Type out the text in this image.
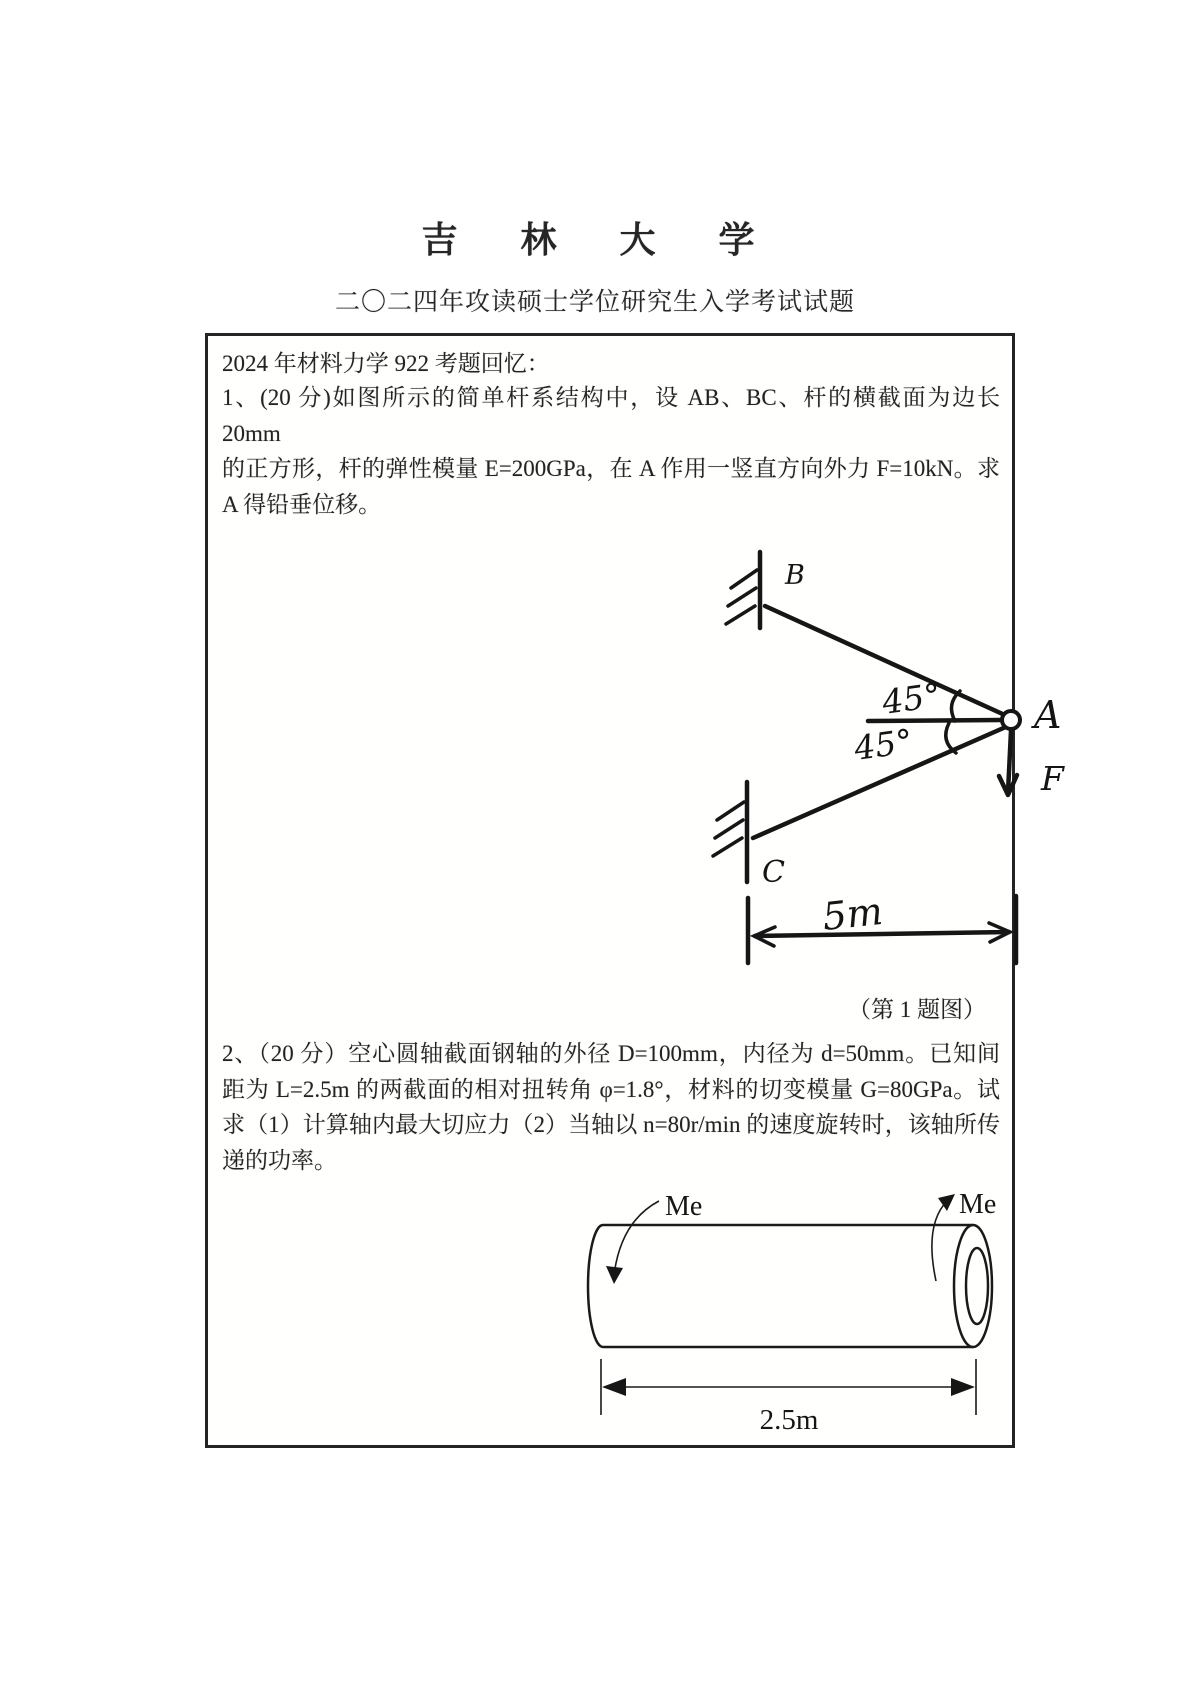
吉 林 大 学
二〇二四年攻读硕士学位研究生入学考试试题
2024 年材料力学 922 考题回忆：
1、(20 分)如图所示的简单杆系结构中，设 AB、BC、杆的横截面为边长 20mm
的正方形，杆的弹性模量 E=200GPa，在 A 作用一竖直方向外力 F=10kN。求
A 得铅垂位移。
B
C
45°
45°
A
F
5m
（第 1 题图）
2、（20 分）空心圆轴截面钢轴的外径 D=100mm，内径为 d=50mm。已知间
距为 L=2.5m 的两截面的相对扭转角 φ=1.8°，材料的切变模量 G=80GPa。试
求（1）计算轴内最大切应力（2）当轴以 n=80r/min 的速度旋转时，该轴所传
递的功率。
Me	Me
2.5m
